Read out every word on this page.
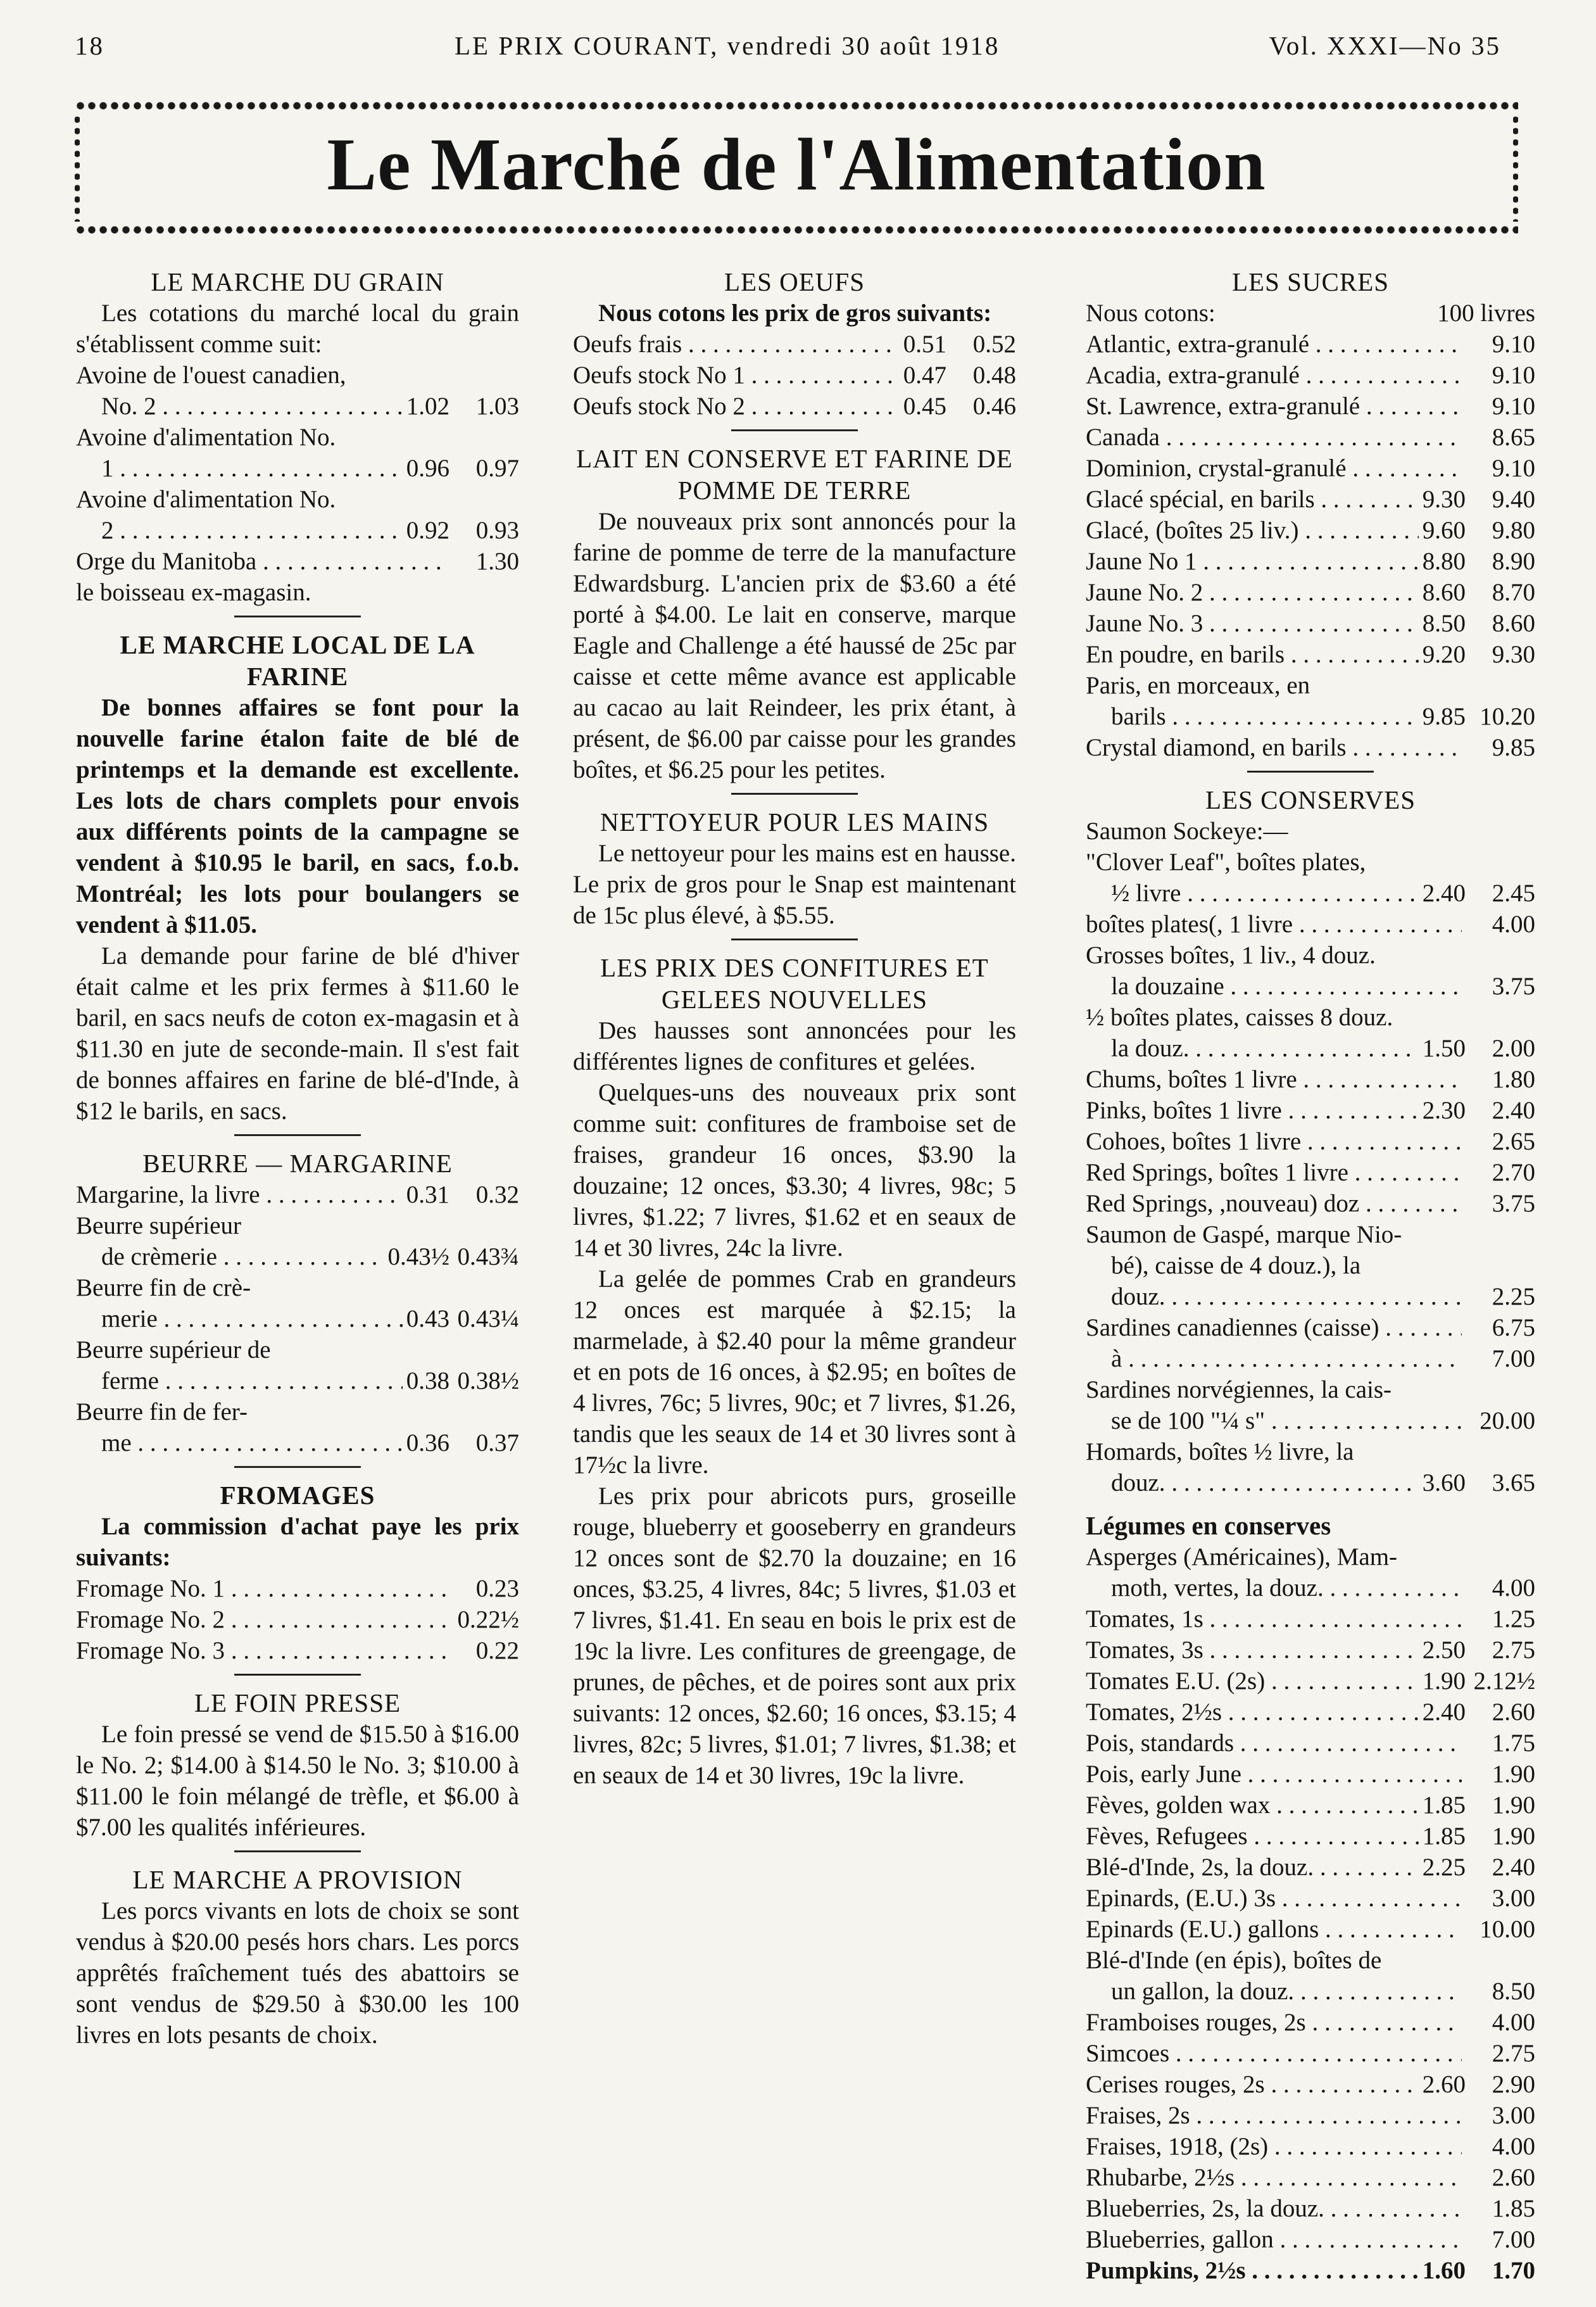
18	LE PRIX COURANT, vendredi 30 août 1918	Vol. XXXI—No 35
Le Marché de l'Alimentation
LE MARCHE DU GRAIN

Les cotations du marché local du grain s'établissent comme suit:

Avoine de l'ouest canadien,
No. 2 . . .	1.02	1.03
Avoine d'alimentation No.
1 . . .	0.96	0.97
Avoine d'alimentation No.
2 . . .	0.92	0.93
Orge du Manitoba . . .	1.30
le boisseau ex-magasin.
LE MARCHE LOCAL DE LA FARINE

De bonnes affaires se font pour la nouvelle farine étalon faite de blé de printemps et la demande est excellente. Les lots de chars complets pour envois aux différents points de la campagne se vendent à $10.95 le baril, en sacs, f.o.b. Montréal; les lots pour boulangers se vendent à $11.05.

La demande pour farine de blé d'hiver était calme et les prix fermes à $11.60 le baril, en sacs neufs de coton ex-magasin et à $11.30 en jute de seconde-main. Il s'est fait de bonnes affaires en farine de blé-d'Inde, à $12 le barils, en sacs.

BEURRE — MARGARINE
Margarine, la livre . . .	0.31	0.32
Beurre supérieur
de crèmerie . . .	0.43½ 0.43¾
Beurre fin de crè-
merie . . .	0.43 0.43¼
Beurre supérieur de
ferme . . .	0.38 0.38½
Beurre fin de fer-
me . . .	0.36	0.37
FROMAGES

La commission d'achat paye les prix suivants:

Fromage No. 1 . . .	0.23
Fromage No. 2 . . .	0.22½
Fromage No. 3 . . .	0.22
LE FOIN PRESSE

Le foin pressé se vend de $15.50 à $16.00 le No. 2; $14.00 à $14.50 le No. 3; $10.00 à $11.00 le foin mélangé de trèfle, et $6.00 à $7.00 les qualités inférieures.

LE MARCHE A PROVISION

Les porcs vivants en lots de choix se sont vendus à $20.00 pesés hors chars. Les porcs apprêtés fraîchement tués des abattoirs se sont vendus de $29.50 à $30.00 les 100 livres en lots pesants de choix.

LES OEUFS

Nous cotons les prix de gros suivants:

Oeufs frais . . .	0.51	0.52
Oeufs stock No 1 . . .	0.47	0.48
Oeufs stock No 2 . . .	0.45	0.46
LAIT EN CONSERVE ET FARINE DE POMME DE TERRE

De nouveaux prix sont annoncés pour la farine de pomme de terre de la manufacture Edwardsburg. L'ancien prix de $3.60 a été porté à $4.00. Le lait en conserve, marque Eagle and Challenge a été haussé de 25c par caisse et cette même avance est applicable au cacao au lait Reindeer, les prix étant, à présent, de $6.00 par caisse pour les grandes boîtes, et $6.25 pour les petites.

NETTOYEUR POUR LES MAINS

Le nettoyeur pour les mains est en hausse. Le prix de gros pour le Snap est maintenant de 15c plus élevé, à $5.55.

LES PRIX DES CONFITURES ET GELEES NOUVELLES

Des hausses sont annoncées pour les différentes lignes de confitures et gelées.

Quelques-uns des nouveaux prix sont comme suit: confitures de framboise set de fraises, grandeur 16 onces, $3.90 la douzaine; 12 onces, $3.30; 4 livres, 98c; 5 livres, $1.22; 7 livres, $1.62 et en seaux de 14 et 30 livres, 24c la livre.

La gelée de pommes Crab en grandeurs 12 onces est marquée à $2.15; la marmelade, à $2.40 pour la même grandeur et en pots de 16 onces, à $2.95; en boîtes de 4 livres, 76c; 5 livres, 90c; et 7 livres, $1.26, tandis que les seaux de 14 et 30 livres sont à 17½c la livre.

Les prix pour abricots purs, groseille rouge, blueberry et gooseberry en grandeurs 12 onces sont de $2.70 la douzaine; en 16 onces, $3.25, 4 livres, 84c; 5 livres, $1.03 et 7 livres, $1.41. En seau en bois le prix est de 19c la livre. Les confitures de greengage, de prunes, de pêches, et de poires sont aux prix suivants: 12 onces, $2.60; 16 onces, $3.15; 4 livres, 82c; 5 livres, $1.01; 7 livres, $1.38; et en seaux de 14 et 30 livres, 19c la livre.

LES SUCRES
Nous cotons:	100 livres
Atlantic, extra-granulé . . .	9.10
Acadia, extra-granulé . . .	9.10
St. Lawrence, extra-granulé . . .	9.10
Canada . . .	8.65
Dominion, crystal-granulé . . .	9.10
Glacé spécial, en barils . . .	9.30	9.40
Glacé, (boîtes 25 liv.) . . .	9.60	9.80
Jaune No 1 . . .	8.80	8.90
Jaune No. 2 . . .	8.60	8.70
Jaune No. 3 . . .	8.50	8.60
En poudre, en barils . . .	9.20	9.30
Paris, en morceaux, en
barils . . .	9.85 10.20
Crystal diamond, en barils . . .	9.85
LES CONSERVES
Saumon Sockeye:—
"Clover Leaf", boîtes plates,
½ livre . . .	2.40	2.45
boîtes plates(, 1 livre . . .	4.00
Grosses boîtes, 1 liv., 4 douz.
la douzaine . . .	3.75
½ boîtes plates, caisses 8 douz.
la douz. . . .	1.50	2.00
Chums, boîtes 1 livre . . .	1.80
Pinks, boîtes 1 livre . . .	2.30	2.40
Cohoes, boîtes 1 livre . . .	2.65
Red Springs, boîtes 1 livre . . .	2.70
Red Springs, ,nouveau) doz . . .	3.75
Saumon de Gaspé, marque Nio-
bé), caisse de 4 douz.), la
douz. . . .	2.25
Sardines canadiennes (caisse) . . .	6.75
à . . .	7.00
Sardines norvégiennes, la cais-
se de 100 "¼ s" . . .	20.00
Homards, boîtes ½ livre, la
douz. . . .	3.60	3.65
Légumes en conserves
Asperges (Américaines), Mam-
moth, vertes, la douz. . . .	4.00
Tomates, 1s . . .	1.25
Tomates, 3s . . .	2.50	2.75
Tomates E.U. (2s) . . .	1.90 2.12½
Tomates, 2½s . . .	2.40	2.60
Pois, standards . . .	1.75
Pois, early June . . .	1.90
Fèves, golden wax . . .	1.85	1.90
Fèves, Refugees . . .	1.85	1.90
Blé-d'Inde, 2s, la douz. . . .	2.25	2.40
Epinards, (E.U.) 3s . . .	3.00
Epinards (E.U.) gallons . . .	10.00
Blé-d'Inde (en épis), boîtes de
un gallon, la douz. . . .	8.50
Framboises rouges, 2s . . .	4.00
Simcoes . . .	2.75
Cerises rouges, 2s . . .	2.60	2.90
Fraises, 2s . . .	3.00
Fraises, 1918, (2s) . . .	4.00
Rhubarbe, 2½s . . .	2.60
Blueberries, 2s, la douz. . . .	1.85
Blueberries, gallon . . .	7.00
Pumpkins, 2½s . . .	1.60	1.70
